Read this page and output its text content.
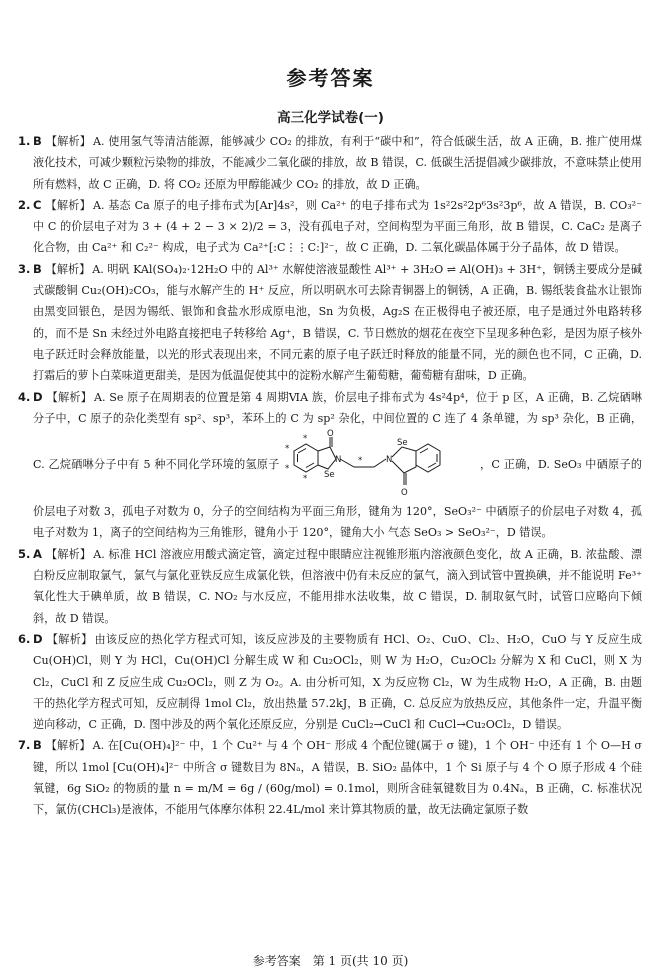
参考答案
高三化学试卷(一)

1. B 【解析】 A. 使用氢气等清洁能源，能够减少 CO₂ 的排放，有利于“碳中和”，符合低碳生活，故 A 正确，B. 推广使用煤液化技术，可减少颗粒污染物的排放，不能减少二氧化碳的排放，故 B 错误，C. 低碳生活提倡减少碳排放，不意味禁止使用所有燃料，故 C 正确，D. 将 CO₂ 还原为甲醇能减少 CO₂ 的排放，故 D 正确。

2. C 【解析】 A. 基态 Ca 原子的电子排布式为[Ar]4s²，则 Ca²⁺ 的电子排布式为 1s²2s²2p⁶3s²3p⁶，故 A 错误，B. CO₃²⁻ 中 C 的价层电子对为 3 + (4 + 2 − 3 × 2)/2 = 3，没有孤电子对，空间构型为平面三角形，故 B 错误，C. CaC₂ 是离子化合物，由 Ca²⁺ 和 C₂²⁻ 构成，电子式为 Ca²⁺[:C⋮⋮C:]²⁻，故 C 正确，D. 二氧化碳晶体属于分子晶体，故 D 错误。

3. B 【解析】 A. 明矾 KAl(SO₄)₂·12H₂O 中的 Al³⁺ 水解使溶液显酸性 Al³⁺ + 3H₂O ⇌ Al(OH)₃ + 3H⁺，铜锈主要成分是碱式碳酸铜 Cu₂(OH)₂CO₃，能与水解产生的 H⁺ 反应，所以明矾水可去除青铜器上的铜锈，A 正确，B. 锡纸装食盐水让银饰由黑变回银色，是因为锡纸、银饰和食盐水形成原电池，Sn 为负极，Ag₂S 在正极得电子被还原，电子是通过外电路转移的，而不是 Sn 未经过外电路直接把电子转移给 Ag⁺，B 错误，C. 节日燃放的烟花在夜空下呈现多种色彩，是因为原子核外电子跃迁时会释放能量，以光的形式表现出来，不同元素的原子电子跃迁时释放的能量不同，光的颜色也不同，C 正确，D. 打霜后的萝卜白菜味道更甜美，是因为低温促使其中的淀粉水解产生葡萄糖，葡萄糖有甜味，D 正确。

4. D 【解析】 A. Se 原子在周期表的位置是第 4 周期ⅥA 族，价层电子排布式为 4s²4p⁴，位于 p 区，A 正确，B. 乙烷硒啉分子中，C 原子的杂化类型有 sp²、sp³，苯环上的 C 为 sp² 杂化，中间位置的 C 连了 4 条单键，为 sp³ 杂化，B 正确，C. 乙烷硒啉分子中有 5 种不同化学环境的氢原子
O
N
Se
N
Se
O
*
*
*
*
*	，C 正确，D. SeO₃ 中硒原子的价层电子对数 3，孤电子对数为 0，分子的空间结构为平面三角形，键角为 120°，SeO₃²⁻ 中硒原子的价层电子对数 4，孤电子对数为 1，离子的空间结构为三角锥形，键角小于 120°，键角大小 气态 SeO₃ > SeO₃²⁻，D 错误。

5. A 【解析】 A. 标准 HCl 溶液应用酸式滴定管，滴定过程中眼睛应注视锥形瓶内溶液颜色变化，故 A 正确，B. 浓盐酸、漂白粉反应制取氯气，氯气与氯化亚铁反应生成氯化铁，但溶液中仍有未反应的氯气，滴入到试管中置换碘，并不能说明 Fe³⁺ 氧化性大于碘单质，故 B 错误，C. NO₂ 与水反应，不能用排水法收集，故 C 错误，D. 制取氨气时，试管口应略向下倾斜，故 D 错误。

6. D 【解析】 由该反应的热化学方程式可知，该反应涉及的主要物质有 HCl、O₂、CuO、Cl₂、H₂O，CuO 与 Y 反应生成 Cu(OH)Cl，则 Y 为 HCl，Cu(OH)Cl 分解生成 W 和 Cu₂OCl₂，则 W 为 H₂O，Cu₂OCl₂ 分解为 X 和 CuCl，则 X 为 Cl₂，CuCl 和 Z 反应生成 Cu₂OCl₂，则 Z 为 O₂。A. 由分析可知，X 为反应物 Cl₂，W 为生成物 H₂O，A 正确，B. 由题干的热化学方程式可知，反应制得 1mol Cl₂，放出热量 57.2kJ，B 正确，C. 总反应为放热反应，其他条件一定，升温平衡逆向移动，C 正确，D. 图中涉及的两个氧化还原反应，分别是 CuCl₂→CuCl 和 CuCl→Cu₂OCl₂，D 错误。

7. B 【解析】 A. 在[Cu(OH)₄]²⁻ 中，1 个 Cu²⁺ 与 4 个 OH⁻ 形成 4 个配位键(属于 σ 键)，1 个 OH⁻ 中还有 1 个 O—H σ 键，所以 1mol [Cu(OH)₄]²⁻ 中所含 σ 键数目为 8Nₐ，A 错误，B. SiO₂ 晶体中，1 个 Si 原子与 4 个 O 原子形成 4 个硅氧键，6g SiO₂ 的物质的量 n = m/M = 6g / (60g/mol) = 0.1mol，则所含硅氧键数目为 0.4Nₐ，B 正确，C. 标准状况下，氯仿(CHCl₃)是液体，不能用气体摩尔体积 22.4L/mol 来计算其物质的量，故无法确定氯原子数

参考答案　第 1 页(共 10 页)
